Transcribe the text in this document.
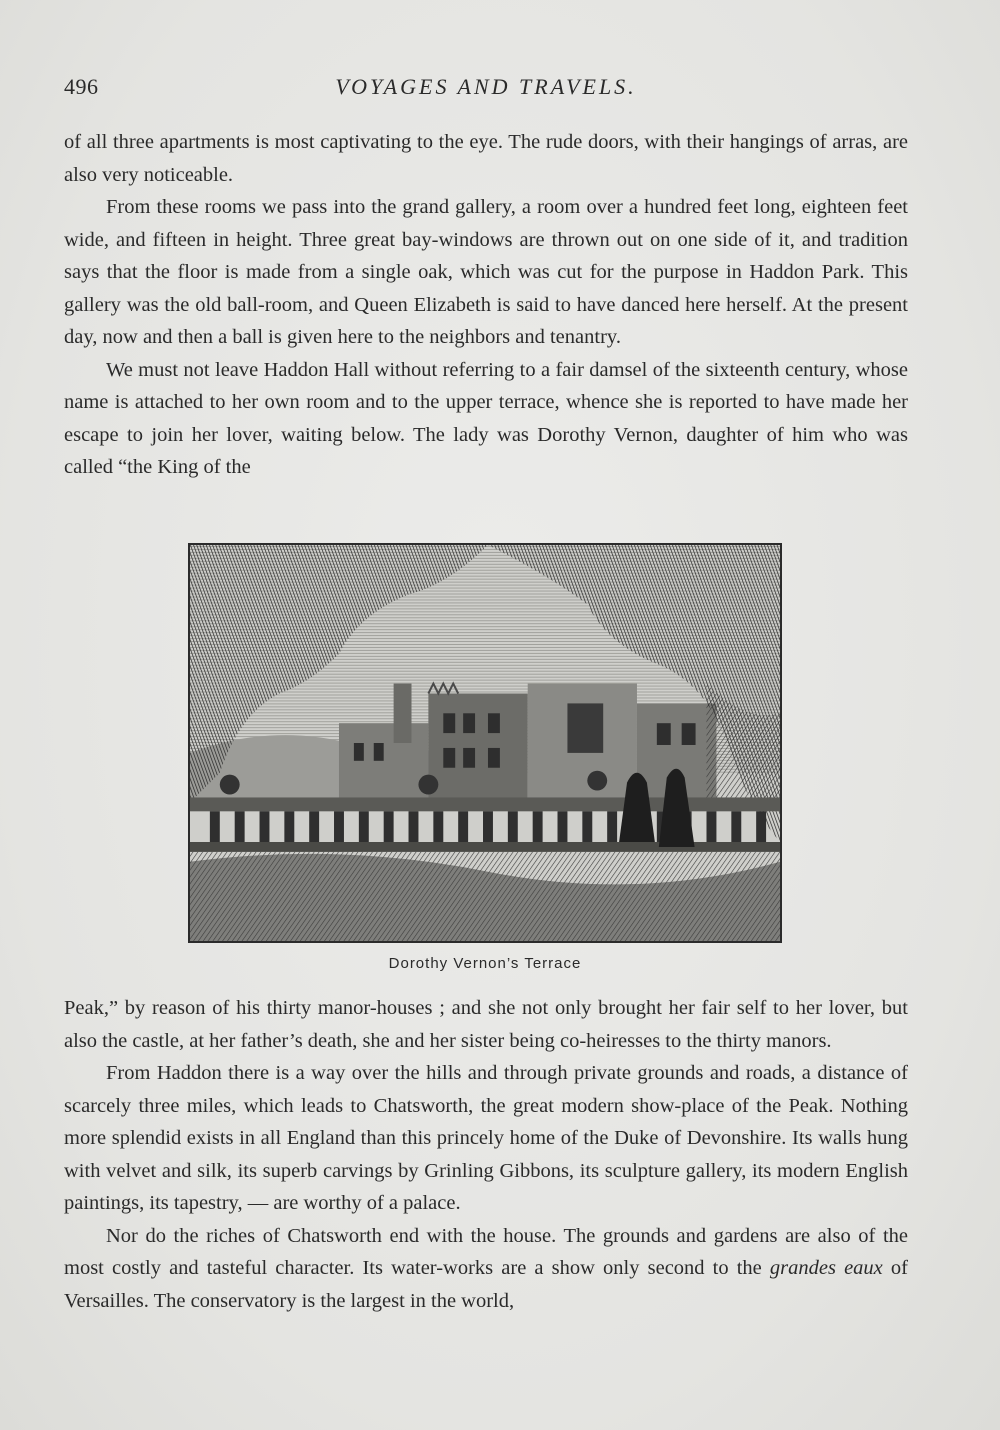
496	VOYAGES AND TRAVELS.

of all three apartments is most captivating to the eye. The rude doors, with their hangings of arras, are also very noticeable.

From these rooms we pass into the grand gallery, a room over a hundred feet long, eighteen feet wide, and fifteen in height. Three great bay-windows are thrown out on one side of it, and tradition says that the floor is made from a single oak, which was cut for the purpose in Haddon Park. This gallery was the old ball-room, and Queen Elizabeth is said to have danced here herself. At the present day, now and then a ball is given here to the neighbors and tenantry.

We must not leave Haddon Hall without referring to a fair damsel of the sixteenth century, whose name is attached to her own room and to the upper terrace, whence she is reported to have made her escape to join her lover, waiting below. The lady was Dorothy Vernon, daughter of him who was called “the King of the

Dorothy Vernon’s Terrace

Peak,” by reason of his thirty manor-houses ; and she not only brought her fair self to her lover, but also the castle, at her father’s death, she and her sister being co-heiresses to the thirty manors.

From Haddon there is a way over the hills and through private grounds and roads, a distance of scarcely three miles, which leads to Chatsworth, the great modern show-place of the Peak. Nothing more splendid exists in all England than this princely home of the Duke of Devonshire. Its walls hung with velvet and silk, its superb carvings by Grinling Gibbons, its sculpture gallery, its modern English paintings, its tapestry, — are worthy of a palace.

Nor do the riches of Chatsworth end with the house. The grounds and gardens are also of the most costly and tasteful character. Its water-works are a show only second to the grandes eaux of Versailles. The conservatory is the largest in the world,
